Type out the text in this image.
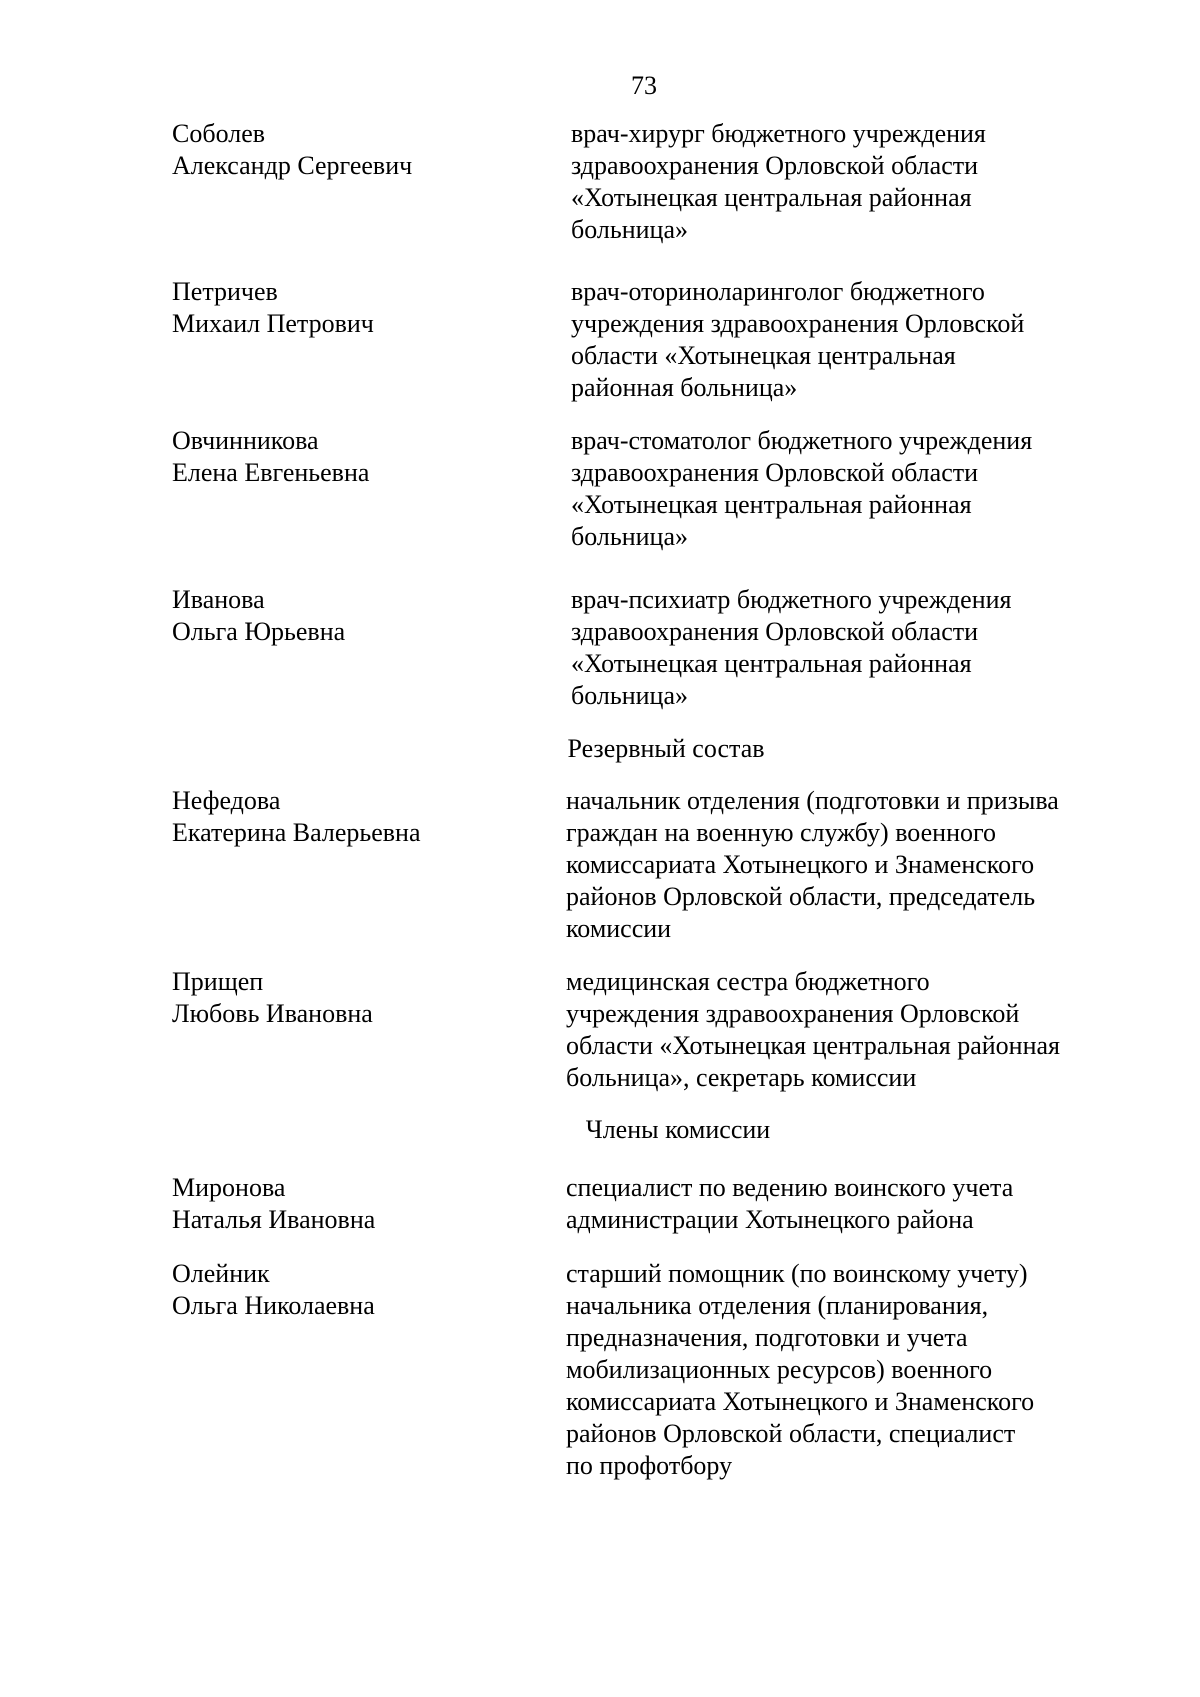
73
Соболев
Александр Сергеевич
врач-хирург бюджетного учреждения
здравоохранения Орловской области
«Хотынецкая центральная районная
больница»
Петричев
Михаил Петрович
врач-оториноларинголог бюджетного
учреждения здравоохранения Орловской
области «Хотынецкая центральная
районная больница»
Овчинникова
Елена Евгеньевна
врач-стоматолог бюджетного учреждения
здравоохранения Орловской области
«Хотынецкая центральная районная
больница»
Иванова
Ольга Юрьевна
врач-психиатр бюджетного учреждения
здравоохранения Орловской области
«Хотынецкая центральная районная
больница»
Резервный состав
Нефедова
Екатерина Валерьевна
начальник отделения (подготовки и призыва
граждан на военную службу) военного
комиссариата Хотынецкого и Знаменского
районов Орловской области, председатель
комиссии
Прищеп
Любовь Ивановна
медицинская сестра бюджетного
учреждения здравоохранения Орловской
области «Хотынецкая центральная районная
больница», секретарь комиссии
Члены комиссии
Миронова
Наталья Ивановна
специалист по ведению воинского учета
администрации Хотынецкого района
Олейник
Ольга Николаевна
старший помощник (по воинскому учету)
начальника отделения (планирования,
предназначения, подготовки и учета
мобилизационных ресурсов) военного
комиссариата Хотынецкого и Знаменского
районов Орловской области, специалист
по профотбору
